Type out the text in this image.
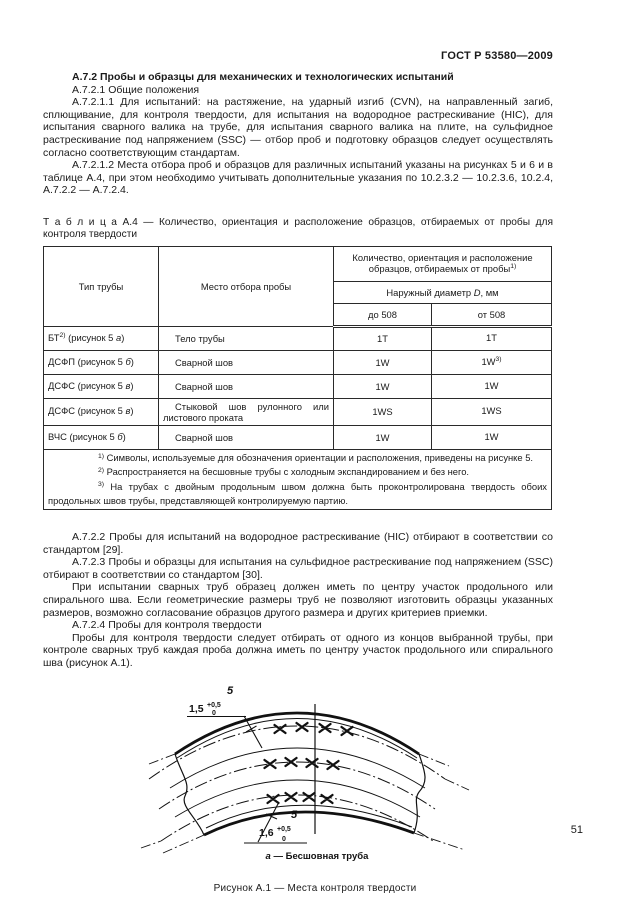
ГОСТ Р 53580—2009

А.7.2 Пробы и образцы для механических и технологических испытаний

А.7.2.1 Общие положения

А.7.2.1.1 Для испытаний: на растяжение, на ударный изгиб (CVN), на направленный загиб, сплющивание, для контроля твердости, для испытания на водородное растрескивание (HIC), для испытания сварного валика на трубе, для испытания сварного валика на плите, на сульфидное растрескивание под напряжением (SSC) — отбор проб и подготовку образцов следует осуществлять согласно соответствующим стандартам.

А.7.2.1.2 Места отбора проб и образцов для различных испытаний указаны на рисунках 5 и 6 и в таблице А.4, при этом необходимо учитывать дополнительные указания по 10.2.3.2 — 10.2.3.6, 10.2.4, А.7.2.2 — А.7.2.4.

Т а б л и ц а А.4 — Количество, ориентация и расположение образцов, отбираемых от пробы для контроля твердости

Тип трубы	Место отбора пробы	Количество, ориентация и расположение образцов, отбираемых от пробы$^{1)}$
		Наружный диаметр D, мм	
		до 508	от 508
БТ$^{2)}$ (рисунок 5 а)	Тело трубы	1Т	1Т
ДСФП (рисунок 5 б)	Сварной шов	1W	$1W^{3)}$
ДСФС (рисунок 5 в)	Сварной шов	1W	1W
ДСФС (рисунок 5 в)	Стыковой шов рулонного или листового проката	1WS	1WS
ВЧС (рисунок 5 б)	Сварной шов	1W	1W

$^{1)}$ Символы, используемые для обозначения ориентации и расположения, приведены на рисунке 5.

$^{2)}$ Распространяется на бесшовные трубы с холодным экспандированием и без него.

$^{3)}$ На трубах с двойным продольным швом должна быть проконтролирована твердость обоих продольных швов трубы, представляющей контролируемую партию.			

А.7.2.2 Пробы для испытаний на водородное растрескивание (HIC) отбирают в соответствии со стандартом [29].

А.7.2.3 Пробы и образцы для испытания на сульфидное растрескивание под напряжением (SSC) отбирают в соответствии со стандартом [30].

При испытании сварных труб образец должен иметь по центру участок продольного или спирального шва. Если геометрические размеры труб не позволяют изготовить образцы указанных размеров, возможно согласование образцов другого размера и других критериев приемки.

А.7.2.4 Пробы для контроля твердости

Пробы для контроля твердости следует отбирать от одного из концов выбранной трубы, при контроле сварных труб каждая проба должна иметь по центру участок продольного или спирального шва (рисунок А.1).

5
1,5 +0,5
0
5
1,6 +0,5
0
а — Бесшовная труба
Рисунок А.1 — Места контроля твердости
51
